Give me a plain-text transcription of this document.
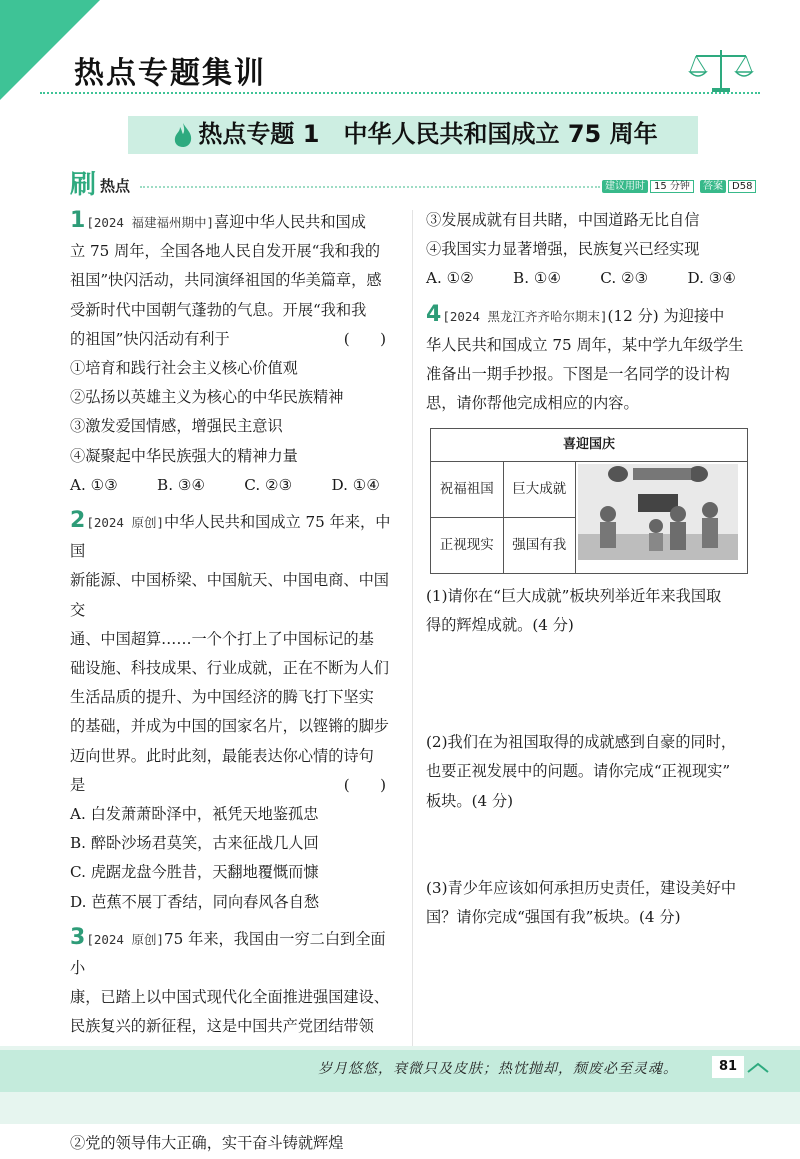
热点专题集训
热点专题 1　中华人民共和国成立 75 周年
刷 热点	建议用时 15 分钟	答案 D58

1[2024 福建福州期中]喜迎中华人民共和国成

立 75 周年，全国各地人民自发开展“我和我的

祖国”快闪活动，共同演绎祖国的华美篇章，感

受新时代中国朝气蓬勃的气息。开展“我和我

的祖国”快闪活动有利于	(　　)

①培育和践行社会主义核心价值观

②弘扬以英雄主义为核心的中华民族精神

③激发爱国情感，增强民主意识

④凝聚起中华民族强大的精神力量

A. ①③	B. ③④	C. ②③	D. ①④

2[2024 原创]中华人民共和国成立 75 年来，中国

新能源、中国桥梁、中国航天、中国电商、中国交

通、中国超算……一个个打上了中国标记的基

础设施、科技成果、行业成就，正在不断为人们

生活品质的提升、为中国经济的腾飞打下坚实

的基础，并成为中国的国家名片，以铿锵的脚步

迈向世界。此时此刻，最能表达你心情的诗句

是	(　　)

A. 白发萧萧卧泽中，衹凭天地鉴孤忠

B. 醉卧沙场君莫笑，古来征战几人回

C. 虎踞龙盘今胜昔，天翻地覆慨而慷

D. 芭蕉不展丁香结，同向春风各自愁

3[2024 原创]75 年来，我国由一穷二白到全面小

康，已踏上以中国式现代化全面推进强国建设、

民族复兴的新征程，这是中国共产党团结带领

②党的领导伟大正确，实干奋斗铸就辉煌

③发展成就有目共睹，中国道路无比自信

④我国实力显著增强，民族复兴已经实现

A. ①②	B. ①④	C. ②③	D. ③④

4[2024 黑龙江齐齐哈尔期末](12 分) 为迎接中

华人民共和国成立 75 周年，某中学九年级学生

准备出一期手抄报。下图是一名同学的设计构

思，请你帮他完成相应的内容。

喜迎国庆		
祝福祖国	巨大成就	
正视现实	强国有我	

(1)请你在“巨大成就”板块列举近年来我国取

得的辉煌成就。(4 分)

(2)我们在为祖国取得的成就感到自豪的同时，

也要正视发展中的问题。请你完成“正视现实”

板块。(4 分)

(3)青少年应该如何承担历史责任，建设美好中

国？请你完成“强国有我”板块。(4 分)

岁月悠悠，衰微只及皮肤；热忱抛却，颓废必至灵魂。	81
